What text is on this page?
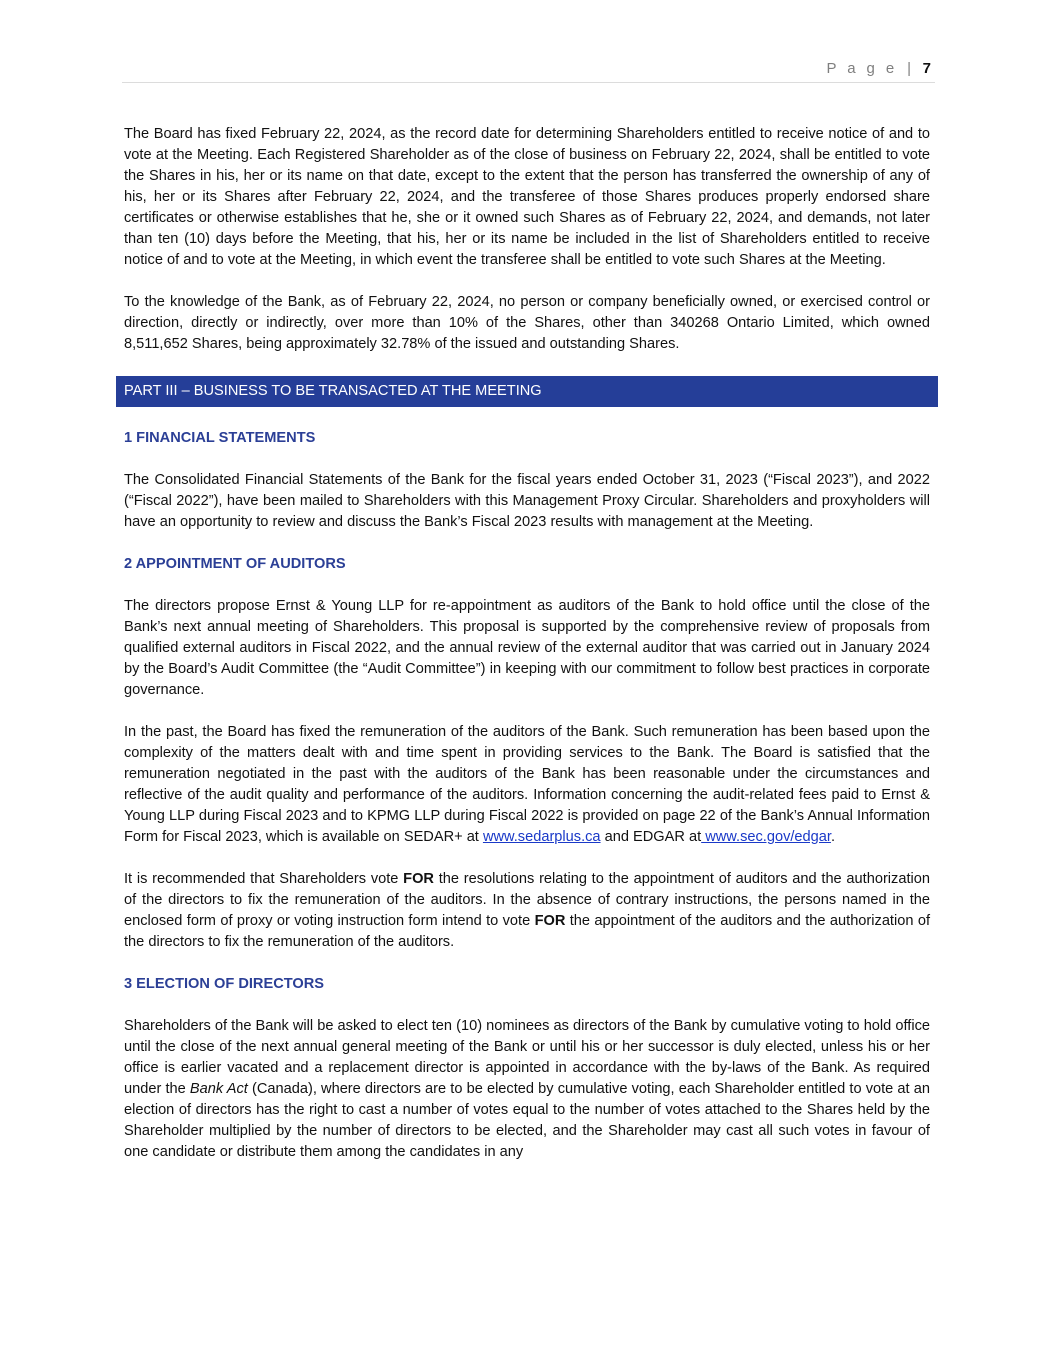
P a g e | 7

The Board has fixed February 22, 2024, as the record date for determining Shareholders entitled to receive notice of and to vote at the Meeting. Each Registered Shareholder as of the close of business on February 22, 2024, shall be entitled to vote the Shares in his, her or its name on that date, except to the extent that the person has transferred the ownership of any of his, her or its Shares after February 22, 2024, and the transferee of those Shares produces properly endorsed share certificates or otherwise establishes that he, she or it owned such Shares as of February 22, 2024, and demands, not later than ten (10) days before the Meeting, that his, her or its name be included in the list of Shareholders entitled to receive notice of and to vote at the Meeting, in which event the transferee shall be entitled to vote such Shares at the Meeting.

To the knowledge of the Bank, as of February 22, 2024, no person or company beneficially owned, or exercised control or direction, directly or indirectly, over more than 10% of the Shares, other than 340268 Ontario Limited, which owned 8,511,652 Shares, being approximately 32.78% of the issued and outstanding Shares.

PART III – BUSINESS TO BE TRANSACTED AT THE MEETING
1 FINANCIAL STATEMENTS

The Consolidated Financial Statements of the Bank for the fiscal years ended October 31, 2023 (“Fiscal 2023”), and 2022 (“Fiscal 2022”), have been mailed to Shareholders with this Management Proxy Circular. Shareholders and proxyholders will have an opportunity to review and discuss the Bank’s Fiscal 2023 results with management at the Meeting.

2 APPOINTMENT OF AUDITORS

The directors propose Ernst & Young LLP for re-appointment as auditors of the Bank to hold office until the close of the Bank’s next annual meeting of Shareholders. This proposal is supported by the comprehensive review of proposals from qualified external auditors in Fiscal 2022, and the annual review of the external auditor that was carried out in January 2024 by the Board’s Audit Committee (the “Audit Committee”) in keeping with our commitment to follow best practices in corporate governance.

In the past, the Board has fixed the remuneration of the auditors of the Bank. Such remuneration has been based upon the complexity of the matters dealt with and time spent in providing services to the Bank. The Board is satisfied that the remuneration negotiated in the past with the auditors of the Bank has been reasonable under the circumstances and reflective of the audit quality and performance of the auditors. Information concerning the audit-related fees paid to Ernst & Young LLP during Fiscal 2023 and to KPMG LLP during Fiscal 2022 is provided on page 22 of the Bank’s Annual Information Form for Fiscal 2023, which is available on SEDAR+ at www.sedarplus.ca and EDGAR at www.sec.gov/edgar.

It is recommended that Shareholders vote FOR the resolutions relating to the appointment of auditors and the authorization of the directors to fix the remuneration of the auditors. In the absence of contrary instructions, the persons named in the enclosed form of proxy or voting instruction form intend to vote FOR the appointment of the auditors and the authorization of the directors to fix the remuneration of the auditors.

3 ELECTION OF DIRECTORS

Shareholders of the Bank will be asked to elect ten (10) nominees as directors of the Bank by cumulative voting to hold office until the close of the next annual general meeting of the Bank or until his or her successor is duly elected, unless his or her office is earlier vacated and a replacement director is appointed in accordance with the by-laws of the Bank. As required under the Bank Act (Canada), where directors are to be elected by cumulative voting, each Shareholder entitled to vote at an election of directors has the right to cast a number of votes equal to the number of votes attached to the Shares held by the Shareholder multiplied by the number of directors to be elected, and the Shareholder may cast all such votes in favour of one candidate or distribute them among the candidates in any
